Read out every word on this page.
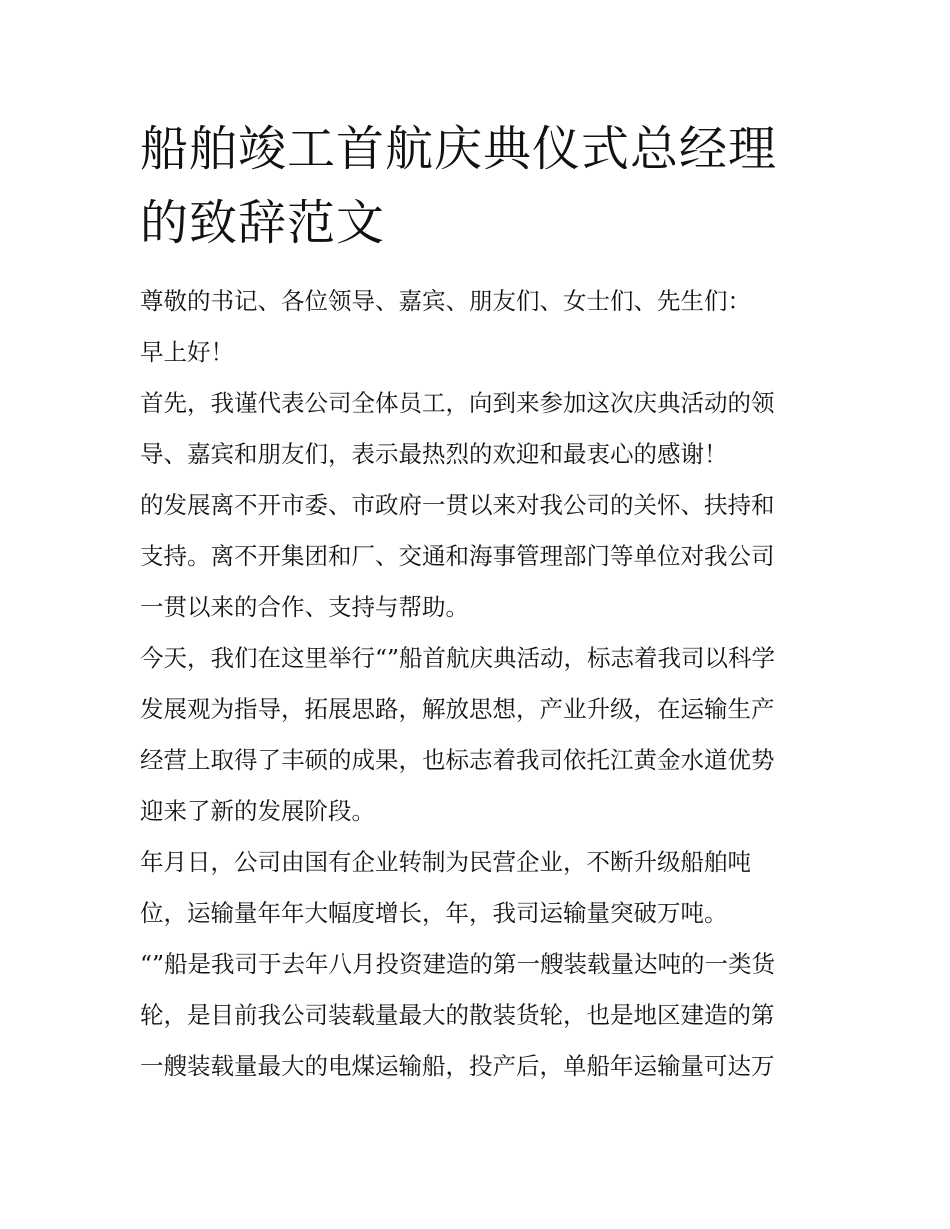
船舶竣工首航庆典仪式总经理
的致辞范文

尊敬的书记、各位领导、嘉宾、朋友们、女士们、先生们：

早上好！

首先，我谨代表公司全体员工，向到来参加这次庆典活动的领
导、嘉宾和朋友们，表示最热烈的欢迎和最衷心的感谢！

的发展离不开市委、市政府一贯以来对我公司的关怀、扶持和
支持。离不开集团和厂、交通和海事管理部门等单位对我公司
一贯以来的合作、支持与帮助。

今天，我们在这里举行“”船首航庆典活动，标志着我司以科学
发展观为指导，拓展思路，解放思想，产业升级，在运输生产
经营上取得了丰硕的成果，也标志着我司依托江黄金水道优势
迎来了新的发展阶段。

年月日，公司由国有企业转制为民营企业，不断升级船舶吨
位，运输量年年大幅度增长，年，我司运输量突破万吨。

“”船是我司于去年八月投资建造的第一艘装载量达吨的一类货
轮，是目前我公司装载量最大的散装货轮，也是地区建造的第
一艘装载量最大的电煤运输船，投产后，单船年运输量可达万
